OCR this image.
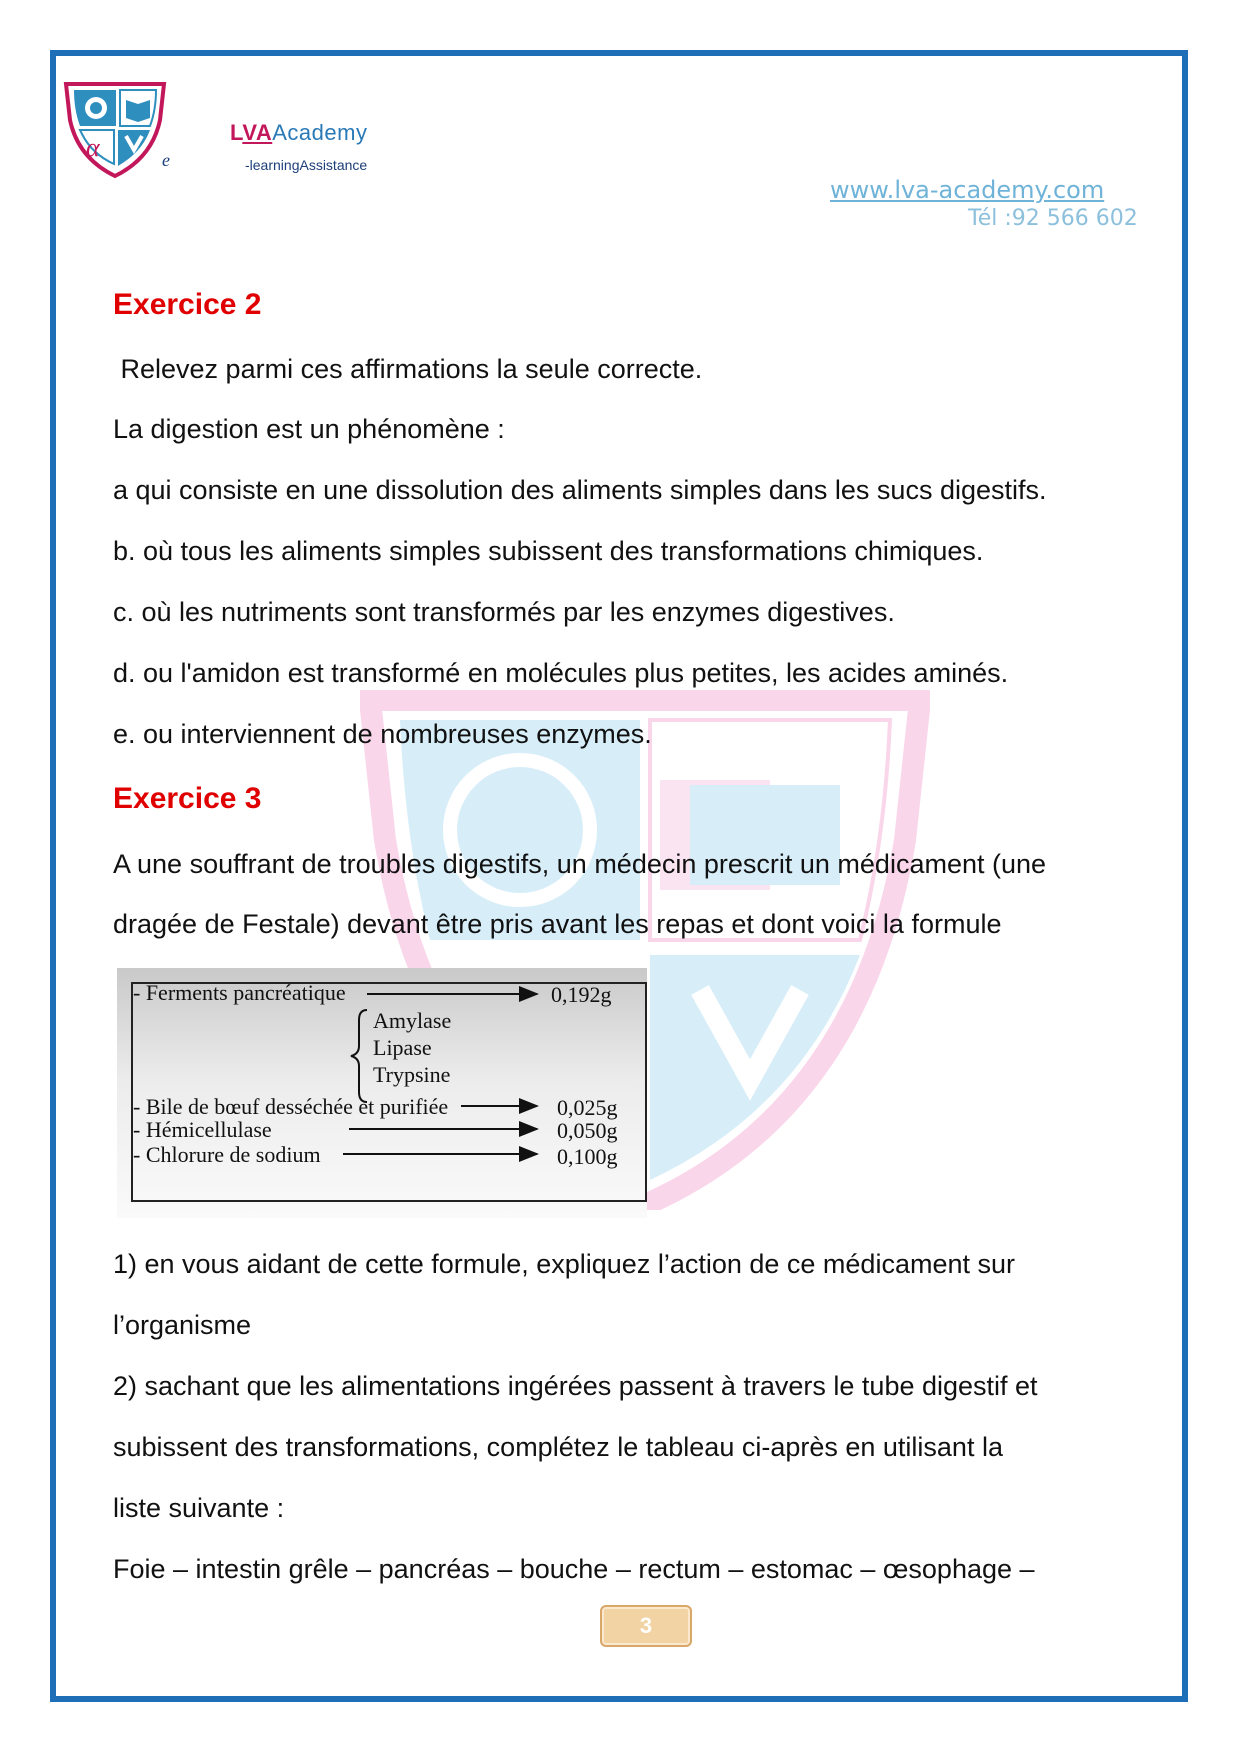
α	e
LVAAcademy
-learningAssistance
www.lva-academy.com
Tél :92 566 602
Exercice 2
Relevez parmi ces affirmations la seule correcte.
La digestion est un phénomène :
a qui consiste en une dissolution des aliments simples dans les sucs digestifs.
b. où tous les aliments simples subissent des transformations chimiques.
c. où les nutriments sont transformés par les enzymes digestives.
d. ou l'amidon est transformé en molécules plus petites, les acides aminés.
e. ou interviennent de nombreuses enzymes.
Exercice 3
A une souffrant de troubles digestifs, un médecin prescrit un médicament (une
dragée de Festale) devant être pris avant les repas et dont voici la formule
- Ferments pancréatique	0,192g
Amylase
Lipase
Trypsine
- Bile de bœuf desséchée et purifiée	0,025g
- Hémicellulase	0,050g
- Chlorure de sodium	0,100g
1) en vous aidant de cette formule, expliquez l’action de ce médicament sur
l’organisme
2) sachant que les alimentations ingérées passent à travers le tube digestif et
subissent des transformations, complétez le tableau ci-après en utilisant la
liste suivante :
Foie – intestin grêle – pancréas – bouche – rectum – estomac – œsophage –
3
